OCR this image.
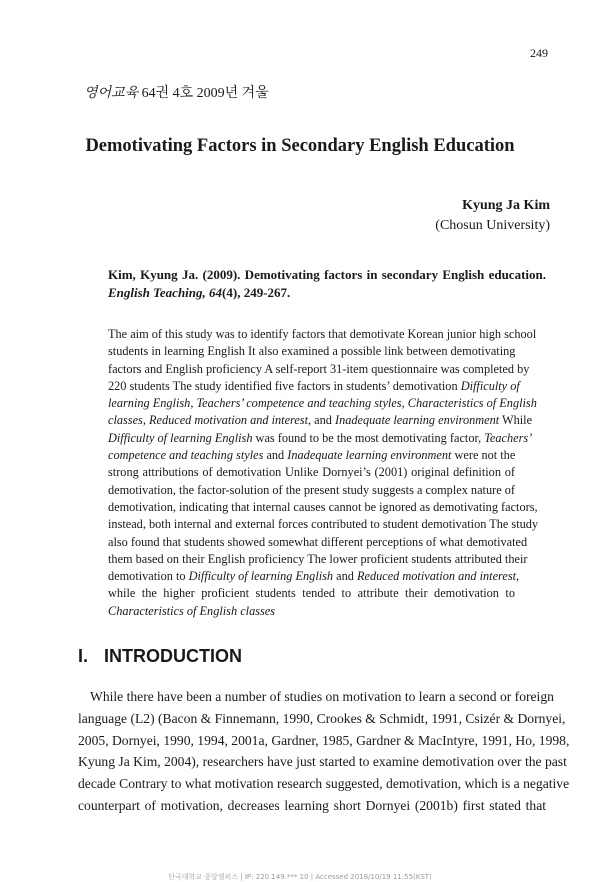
249
영어교육 64권 4호 2009년 겨울
Demotivating Factors in Secondary English Education
Kyung Ja Kim
(Chosun University)
Kim, Kyung Ja. (2009). Demotivating factors in secondary English education. English Teaching, 64(4), 249-267.
The aim of this study was to identify factors that demotivate Korean junior high school
students in learning English It also examined a possible link between demotivating
factors and English proficiency A self-report 31-item questionnaire was completed by
220 students The study identified five factors in students’ demotivation Difficulty of
learning English, Teachers’ competence and teaching styles, Characteristics of English
classes, Reduced motivation and interest, and Inadequate learning environment While
Difficulty of learning English was found to be the most demotivating factor, Teachers’
competence and teaching styles and Inadequate learning environment were not the
strong attributions of demotivation Unlike Dornyei’s (2001) original definition of
demotivation, the factor-solution of the present study suggests a complex nature of
demotivation, indicating that internal causes cannot be ignored as demotivating factors,
instead, both internal and external forces contributed to student demotivation The study
also found that students showed somewhat different perceptions of what demotivated
them based on their English proficiency The lower proficient students attributed their
demotivation to Difficulty of learning English and Reduced motivation and interest,
while the higher proficient students tended to attribute their demotivation to
Characteristics of English classes
I. INTRODUCTION
While there have been a number of studies on motivation to learn a second or foreign
language (L2) (Bacon & Finnemann, 1990, Crookes & Schmidt, 1991, Csizér & Dornyei,
2005, Dornyei, 1990, 1994, 2001a, Gardner, 1985, Gardner & MacIntyre, 1991, Ho, 1998,
Kyung Ja Kim, 2004), researchers have just started to examine demotivation over the past
decade Contrary to what motivation research suggested, demotivation, which is a negative
counterpart of motivation, decreases learning short Dornyei (2001b) first stated that
단국대학교 중앙캠퍼스 | IP: 220.149.*** 10 | Accessed 2018/10/19 11:55(KST)
